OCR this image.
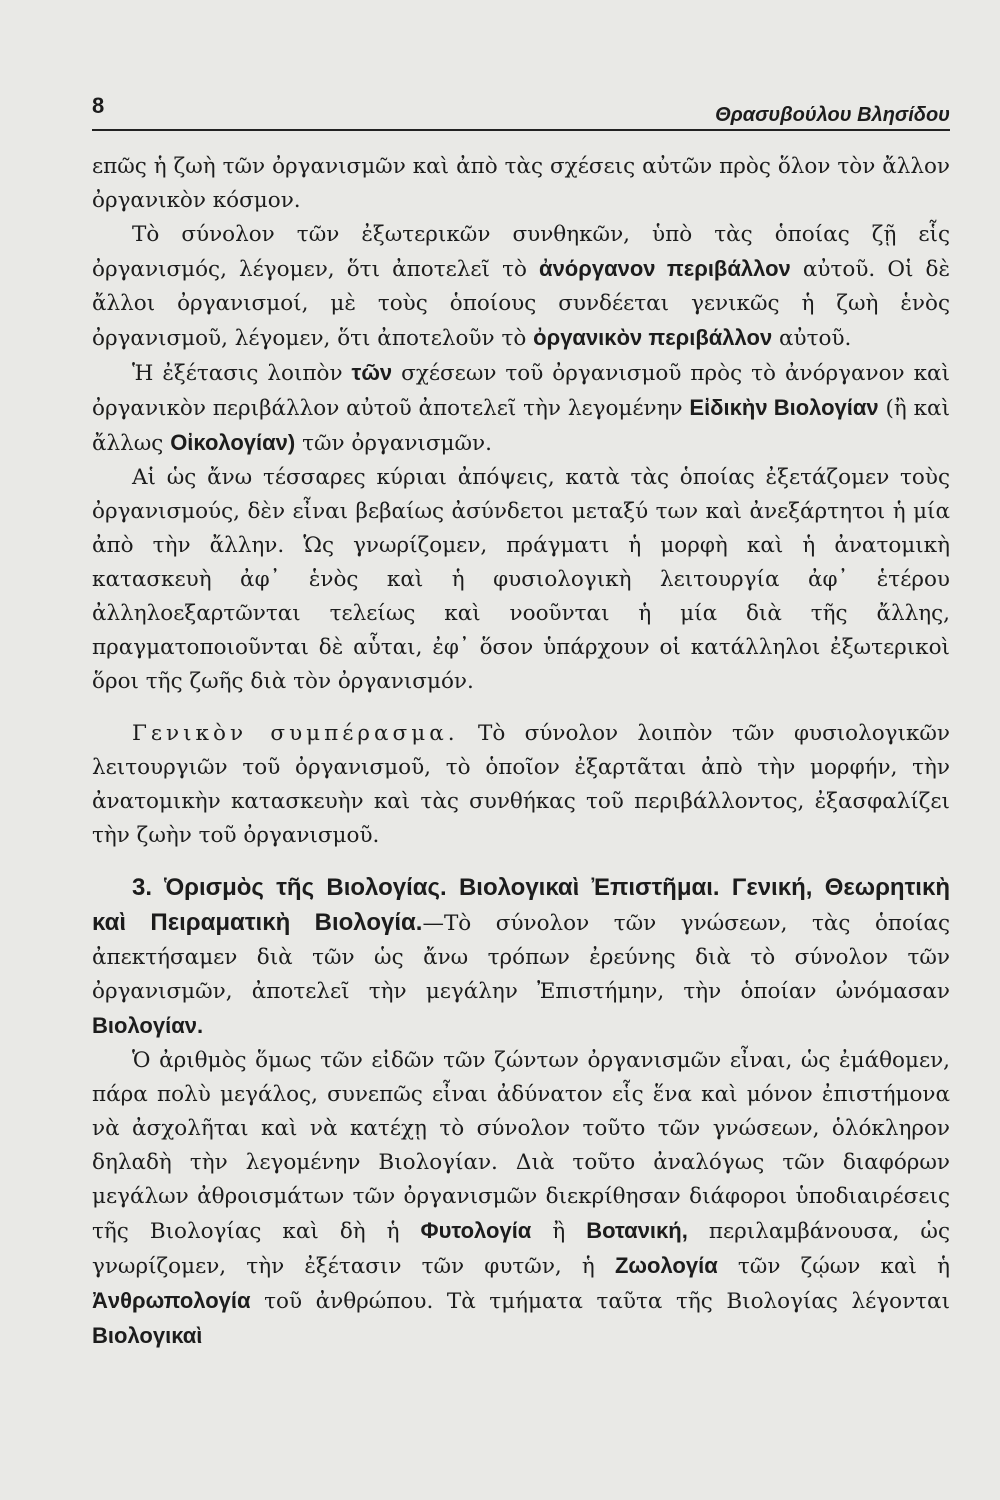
8	Θρασυβούλου Βλησίδου

επῶς ἡ ζωὴ τῶν ὀργανισμῶν καὶ ἀπὸ τὰς σχέσεις αὐτῶν πρὸς ὅλον τὸν ἄλλον ὀργανικὸν κόσμον.

Τὸ σύνολον τῶν ἐξωτερικῶν συνθηκῶν, ὑπὸ τὰς ὁποίας ζῇ εἷς ὀργανισμός, λέγομεν, ὅτι ἀποτελεῖ τὸ ἀνόργανον περιβάλλον αὐτοῦ. Οἱ δὲ ἄλλοι ὀργανισμοί, μὲ τοὺς ὁποίους συνδέεται γενικῶς ἡ ζωὴ ἑνὸς ὀργανισμοῦ, λέγομεν, ὅτι ἀποτελοῦν τὸ ὀργανικὸν περιβάλλον αὐτοῦ.

Ἡ ἐξέτασις λοιπὸν τῶν σχέσεων τοῦ ὀργανισμοῦ πρὸς τὸ ἀνόργανον καὶ ὀργανικὸν περιβάλλον αὐτοῦ ἀποτελεῖ τὴν λεγομένην Εἰδικὴν Βιολογίαν (ἢ καὶ ἄλλως Οἰκολογίαν) τῶν ὀργανισμῶν.

Αἱ ὡς ἄνω τέσσαρες κύριαι ἀπόψεις, κατὰ τὰς ὁποίας ἐξετάζομεν τοὺς ὀργανισμούς, δὲν εἶναι βεβαίως ἀσύνδετοι μεταξύ των καὶ ἀνεξάρτητοι ἡ μία ἀπὸ τὴν ἄλλην. Ὡς γνωρίζομεν, πράγματι ἡ μορφὴ καὶ ἡ ἀνατομικὴ κατασκευὴ ἀφ᾽ ἑνὸς καὶ ἡ φυσιολογικὴ λειτουργία ἀφ᾽ ἑτέρου ἀλληλοεξαρτῶνται τελείως καὶ νοοῦνται ἡ μία διὰ τῆς ἄλλης, πραγματοποιοῦνται δὲ αὗται, ἐφ᾽ ὅσον ὑπάρχουν οἱ κατάλληλοι ἐξωτερικοὶ ὅροι τῆς ζωῆς διὰ τὸν ὀργανισμόν.

Γενικὸν συμπέρασμα. Τὸ σύνολον λοιπὸν τῶν φυσιολογικῶν λειτουργιῶν τοῦ ὀργανισμοῦ, τὸ ὁποῖον ἐξαρτᾶται ἀπὸ τὴν μορφήν, τὴν ἀνατομικὴν κατασκευὴν καὶ τὰς συνθήκας τοῦ περιβάλλοντος, ἐξασφαλίζει τὴν ζωὴν τοῦ ὀργανισμοῦ.

3. Ὁρισμὸς τῆς Βιολογίας. Βιολογικαὶ Ἐπιστῆμαι. Γενική, Θεωρητικὴ καὶ Πειραματικὴ Βιολογία.—Τὸ σύνολον τῶν γνώσεων, τὰς ὁποίας ἀπεκτήσαμεν διὰ τῶν ὡς ἄνω τρόπων ἐρεύνης διὰ τὸ σύνολον τῶν ὀργανισμῶν, ἀποτελεῖ τὴν μεγάλην Ἐπιστήμην, τὴν ὁποίαν ὠνόμασαν Βιολογίαν.

Ὁ ἀριθμὸς ὅμως τῶν εἰδῶν τῶν ζώντων ὀργανισμῶν εἶναι, ὡς ἐμάθομεν, πάρα πολὺ μεγάλος, συνεπῶς εἶναι ἀδύνατον εἷς ἕνα καὶ μόνον ἐπιστήμονα νὰ ἀσχολῆται καὶ νὰ κατέχῃ τὸ σύνολον τοῦτο τῶν γνώσεων, ὁλόκληρον δηλαδὴ τὴν λεγομένην Βιολογίαν. Διὰ τοῦτο ἀναλόγως τῶν διαφόρων μεγάλων ἀθροισμάτων τῶν ὀργανισμῶν διεκρίθησαν διάφοροι ὑποδιαιρέσεις τῆς Βιολογίας καὶ δὴ ἡ Φυτολογία ἢ Βοτανική, περιλαμβάνουσα, ὡς γνωρίζομεν, τὴν ἐξέτασιν τῶν φυτῶν, ἡ Ζωολογία τῶν ζῴων καὶ ἡ Ἀνθρωπολογία τοῦ ἀνθρώπου. Τὰ τμήματα ταῦτα τῆς Βιολογίας λέγονται Βιολογικαὶ
